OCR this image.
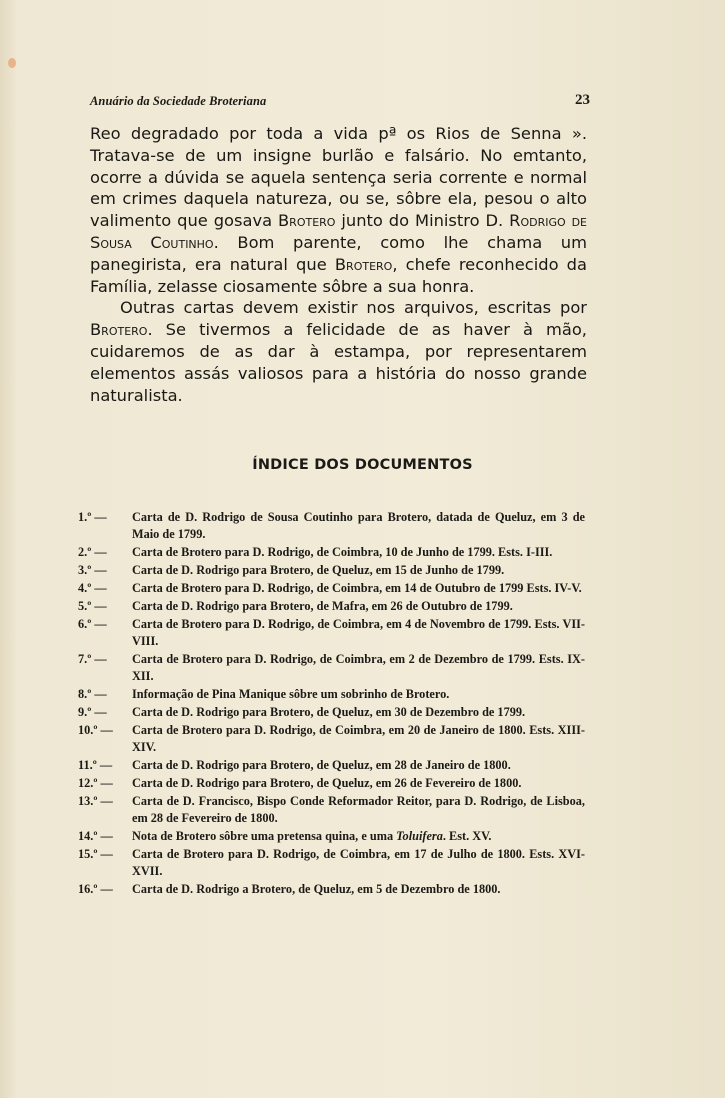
Anuário da Sociedade Broteriana	23

Reo degradado por toda a vida pª os Rios de Senna ». Tratava-se de um insigne burlão e falsário. No emtanto, ocorre a dúvida se aquela sentença seria corrente e normal em crimes daquela natureza, ou se, sôbre ela, pesou o alto valimento que gosava Brotero junto do Ministro D. Rodrigo de Sousa Coutinho. Bom parente, como lhe chama um panegirista, era natural que Brotero, chefe reconhecido da Família, zelasse ciosamente sôbre a sua honra.

Outras cartas devem existir nos arquivos, escritas por Brotero. Se tivermos a felicidade de as haver à mão, cuidaremos de as dar à estampa, por representarem elementos assás valiosos para a história do nosso grande naturalista.

ÍNDICE DOS DOCUMENTOS
1.º —	Carta de D. Rodrigo de Sousa Coutinho para Brotero, datada de Queluz, em 3 de Maio de 1799.
2.º —	Carta de Brotero para D. Rodrigo, de Coimbra, 10 de Junho de 1799. Ests. I-III.
3.º —	Carta de D. Rodrigo para Brotero, de Queluz, em 15 de Junho de 1799.
4.º —	Carta de Brotero para D. Rodrigo, de Coimbra, em 14 de Outubro de 1799 Ests. IV-V.
5.º —	Carta de D. Rodrigo para Brotero, de Mafra, em 26 de Outubro de 1799.
6.º —	Carta de Brotero para D. Rodrigo, de Coimbra, em 4 de Novembro de 1799. Ests. VII-VIII.
7.º —	Carta de Brotero para D. Rodrigo, de Coimbra, em 2 de Dezembro de 1799. Ests. IX-XII.
8.º —	Informação de Pina Manique sôbre um sobrinho de Brotero.
9.º —	Carta de D. Rodrigo para Brotero, de Queluz, em 30 de Dezembro de 1799.
10.º —	Carta de Brotero para D. Rodrigo, de Coimbra, em 20 de Janeiro de 1800. Ests. XIII-XIV.
11.º —	Carta de D. Rodrigo para Brotero, de Queluz, em 28 de Janeiro de 1800.
12.º —	Carta de D. Rodrigo para Brotero, de Queluz, em 26 de Fevereiro de 1800.
13.º —	Carta de D. Francisco, Bispo Conde Reformador Reitor, para D. Rodrigo, de Lisboa, em 28 de Fevereiro de 1800.
14.º —	Nota de Brotero sôbre uma pretensa quina, e uma Toluifera. Est. XV.
15.º —	Carta de Brotero para D. Rodrigo, de Coimbra, em 17 de Julho de 1800. Ests. XVI-XVII.
16.º —	Carta de D. Rodrigo a Brotero, de Queluz, em 5 de Dezembro de 1800.
